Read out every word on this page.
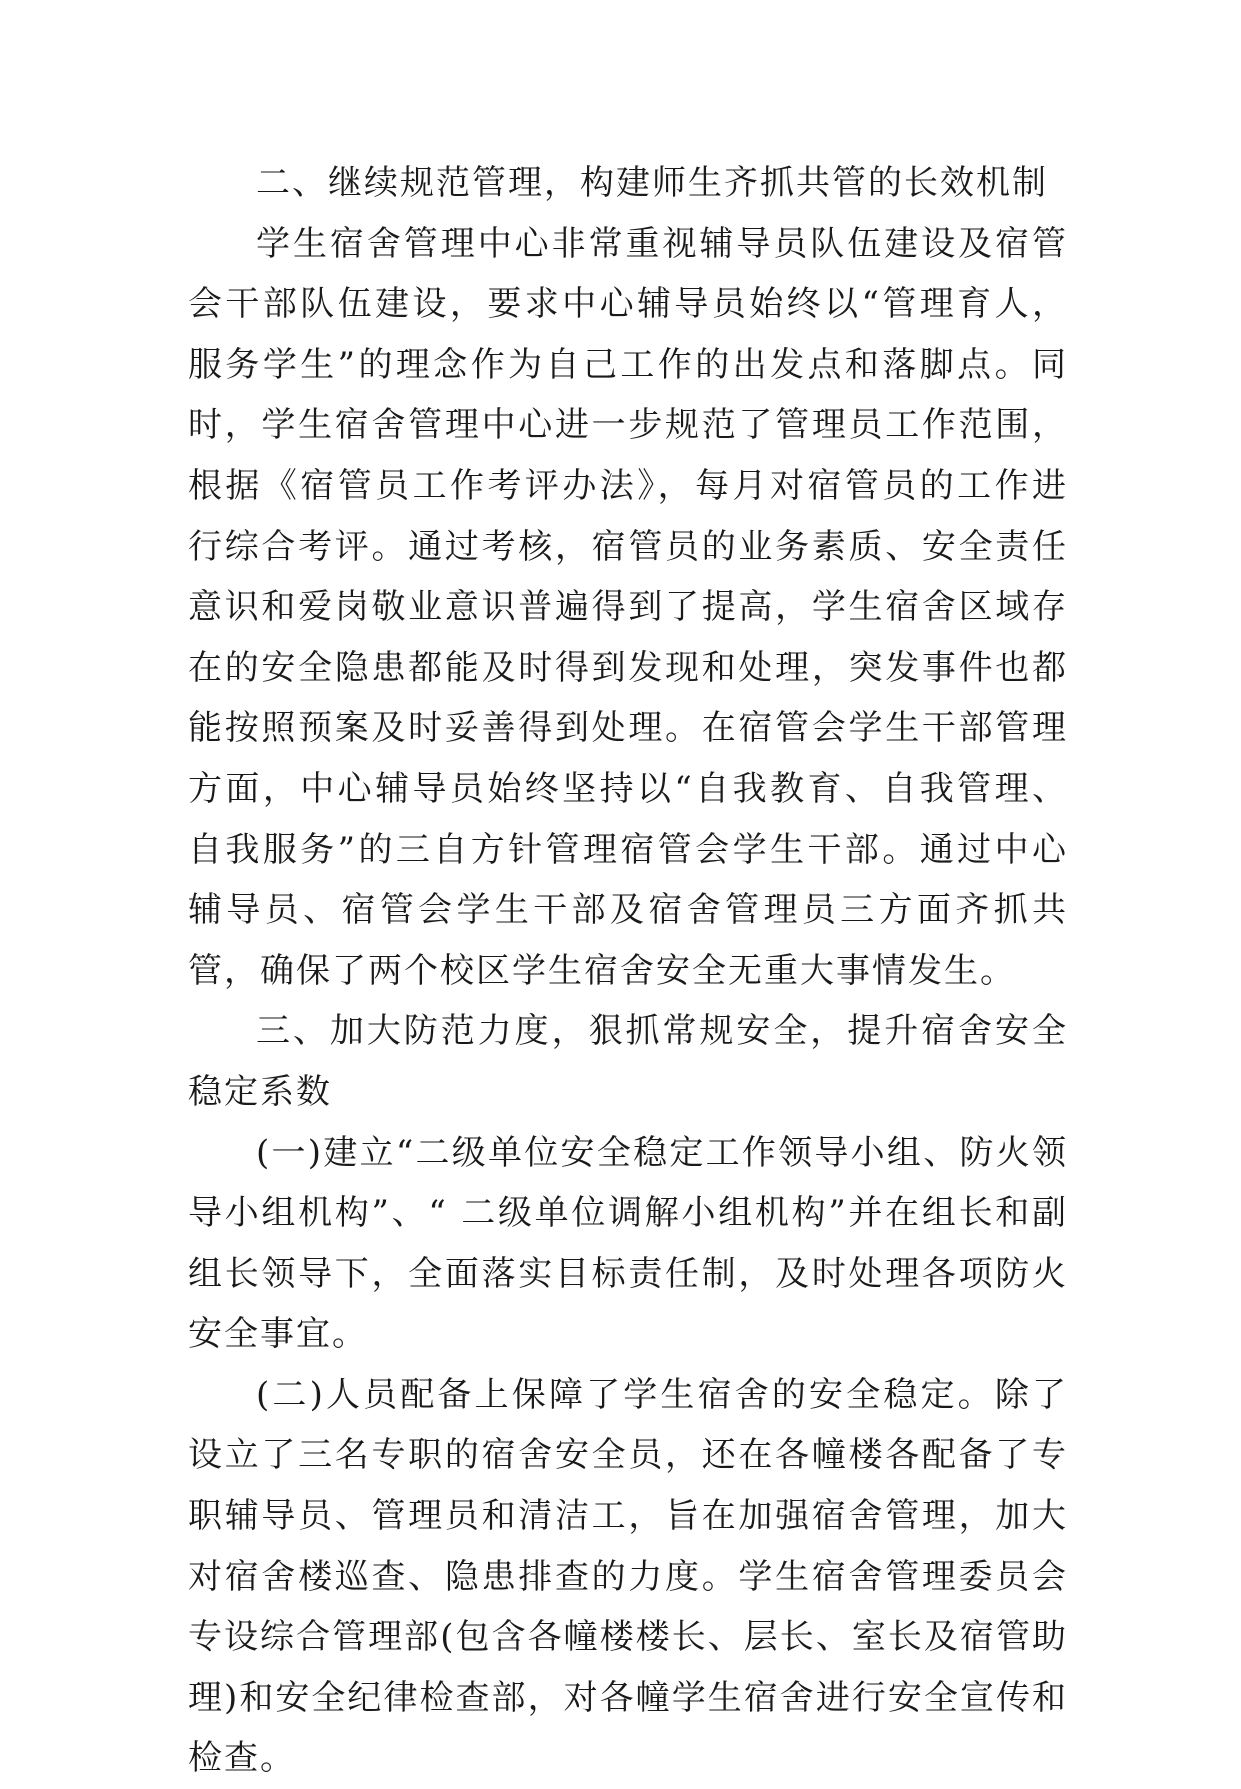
二、继续规范管理，构建师生齐抓共管的长效机制

学生宿舍管理中心非常重视辅导员队伍建设及宿管会干部队伍建设，要求中心辅导员始终以“管理育人，服务学生”的理念作为自己工作的出发点和落脚点。同时，学生宿舍管理中心进一步规范了管理员工作范围，根据《宿管员工作考评办法》，每月对宿管员的工作进行综合考评。通过考核，宿管员的业务素质、安全责任意识和爱岗敬业意识普遍得到了提高，学生宿舍区域存在的安全隐患都能及时得到发现和处理，突发事件也都能按照预案及时妥善得到处理。在宿管会学生干部管理方面，中心辅导员始终坚持以“自我教育、自我管理、自我服务”的三自方针管理宿管会学生干部。通过中心辅导员、宿管会学生干部及宿舍管理员三方面齐抓共管，确保了两个校区学生宿舍安全无重大事情发生。

三、加大防范力度，狠抓常规安全，提升宿舍安全稳定系数

(一)建立“二级单位安全稳定工作领导小组、防火领导小组机构”、“ 二级单位调解小组机构”并在组长和副组长领导下，全面落实目标责任制，及时处理各项防火安全事宜。

(二)人员配备上保障了学生宿舍的安全稳定。除了设立了三名专职的宿舍安全员，还在各幢楼各配备了专职辅导员、管理员和清洁工，旨在加强宿舍管理，加大对宿舍楼巡查、隐患排查的力度。学生宿舍管理委员会专设综合管理部(包含各幢楼楼长、层长、室长及宿管助理)和安全纪律检查部，对各幢学生宿舍进行安全宣传和检查。
